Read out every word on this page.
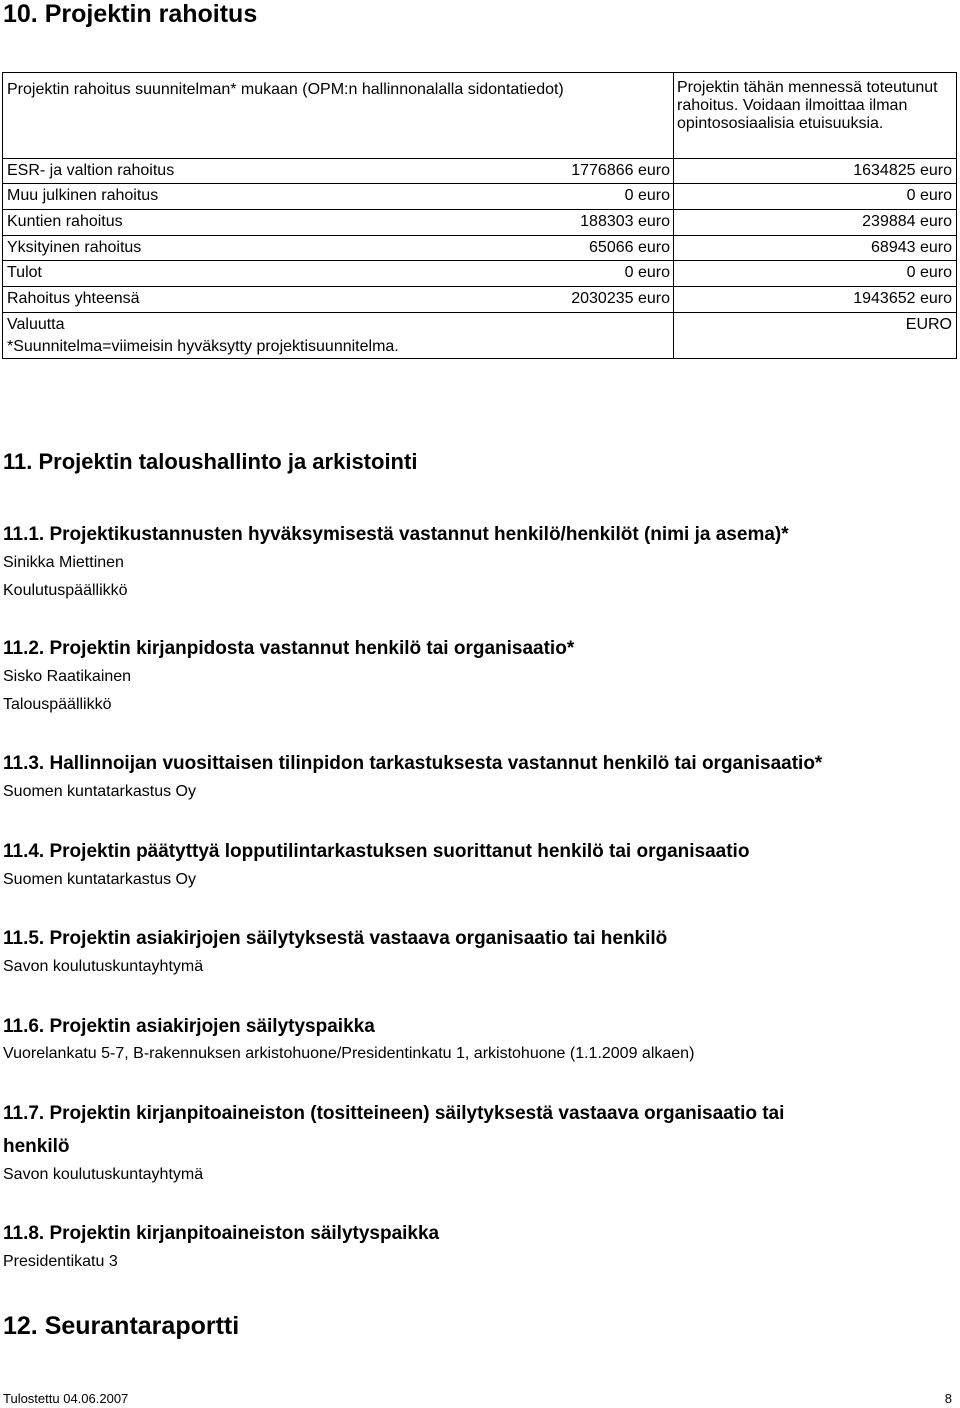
10. Projektin rahoitus
Projektin rahoitus suunnitelman* mukaan (OPM:n hallinnonalalla sidontatiedot)	Projektin tähän mennessä toteutunut rahoitus. Voidaan ilmoittaa ilman opintososiaalisia etuisuuksia.
ESR- ja valtion rahoitus	1776866 euro	1634825 euro
Muu julkinen rahoitus	0 euro	0 euro
Kuntien rahoitus	188303 euro	239884 euro
Yksityinen rahoitus	65066 euro	68943 euro
Tulot	0 euro	0 euro
Rahoitus yhteensä	2030235 euro	1943652 euro
Valuutta	EURO
*Suunnitelma=viimeisin hyväksytty projektisuunnitelma.
11. Projektin taloushallinto ja arkistointi
11.1. Projektikustannusten hyväksymisestä vastannut henkilö/henkilöt (nimi ja asema)*
Sinikka Miettinen
Koulutuspäällikkö
11.2. Projektin kirjanpidosta vastannut henkilö tai organisaatio*
Sisko Raatikainen
Talouspäällikkö
11.3. Hallinnoijan vuosittaisen tilinpidon tarkastuksesta vastannut henkilö tai organisaatio*
Suomen kuntatarkastus Oy
11.4. Projektin päätyttyä lopputilintarkastuksen suorittanut henkilö tai organisaatio
Suomen kuntatarkastus Oy
11.5. Projektin asiakirjojen säilytyksestä vastaava organisaatio tai henkilö
Savon koulutuskuntayhtymä
11.6. Projektin asiakirjojen säilytyspaikka
Vuorelankatu 5-7, B-rakennuksen arkistohuone/Presidentinkatu 1, arkistohuone (1.1.2009 alkaen)
11.7. Projektin kirjanpitoaineiston (tositteineen) säilytyksestä vastaava organisaatio tai
henkilö
Savon koulutuskuntayhtymä
11.8. Projektin kirjanpitoaineiston säilytyspaikka
Presidentikatu 3
12. Seurantaraportti
Tulostettu 04.06.2007	8
